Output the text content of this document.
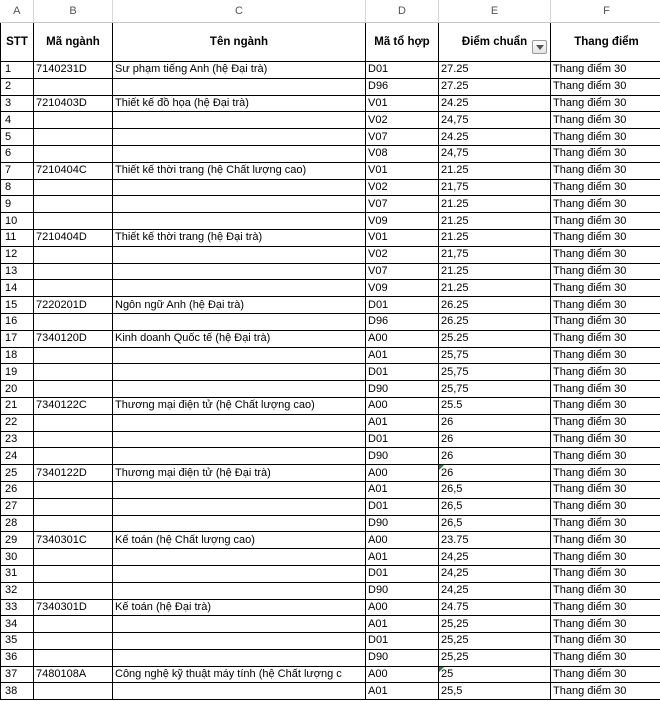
A	B	C	D	E	F
STT	Mã ngành	Tên ngành	Mã tổ hợp	Điểm chuẩn	Thang điểm
1	7140231D	Sư phạm tiếng Anh (hệ Đại trà)	D01	27.25	Thang điểm 30
2			D96	27.25	Thang điểm 30
3	7210403D	Thiết kế đồ họa (hệ Đại trà)	V01	24.25	Thang điểm 30
4			V02	24,75	Thang điểm 30
5			V07	24.25	Thang điểm 30
6			V08	24,75	Thang điểm 30
7	7210404C	Thiết kế thời trang (hệ Chất lượng cao)	V01	21.25	Thang điểm 30
8			V02	21,75	Thang điểm 30
9			V07	21.25	Thang điểm 30
10			V09	21.25	Thang điểm 30
11	7210404D	Thiết kế thời trang (hệ Đại trà)	V01	21.25	Thang điểm 30
12			V02	21,75	Thang điểm 30
13			V07	21.25	Thang điểm 30
14			V09	21.25	Thang điểm 30
15	7220201D	Ngôn ngữ Anh (hệ Đại trà)	D01	26.25	Thang điểm 30
16			D96	26.25	Thang điểm 30
17	7340120D	Kinh doanh Quốc tế (hệ Đại trà)	A00	25.25	Thang điểm 30
18			A01	25,75	Thang điểm 30
19			D01	25,75	Thang điểm 30
20			D90	25,75	Thang điểm 30
21	7340122C	Thương mại điện tử (hệ Chất lượng cao)	A00	25.5	Thang điểm 30
22			A01	26	Thang điểm 30
23			D01	26	Thang điểm 30
24			D90	26	Thang điểm 30
25	7340122D	Thương mại điện tử (hệ Đại trà)	A00	26	Thang điểm 30
26			A01	26,5	Thang điểm 30
27			D01	26,5	Thang điểm 30
28			D90	26,5	Thang điểm 30
29	7340301C	Kế toán (hệ Chất lượng cao)	A00	23.75	Thang điểm 30
30			A01	24,25	Thang điểm 30
31			D01	24,25	Thang điểm 30
32			D90	24,25	Thang điểm 30
33	7340301D	Kế toán (hệ Đại trà)	A00	24.75	Thang điểm 30
34			A01	25,25	Thang điểm 30
35			D01	25,25	Thang điểm 30
36			D90	25,25	Thang điểm 30
37	7480108A	Công nghệ kỹ thuật máy tính (hệ Chất lượng c	A00	25	Thang điểm 30
38			A01	25,5	Thang điểm 30
